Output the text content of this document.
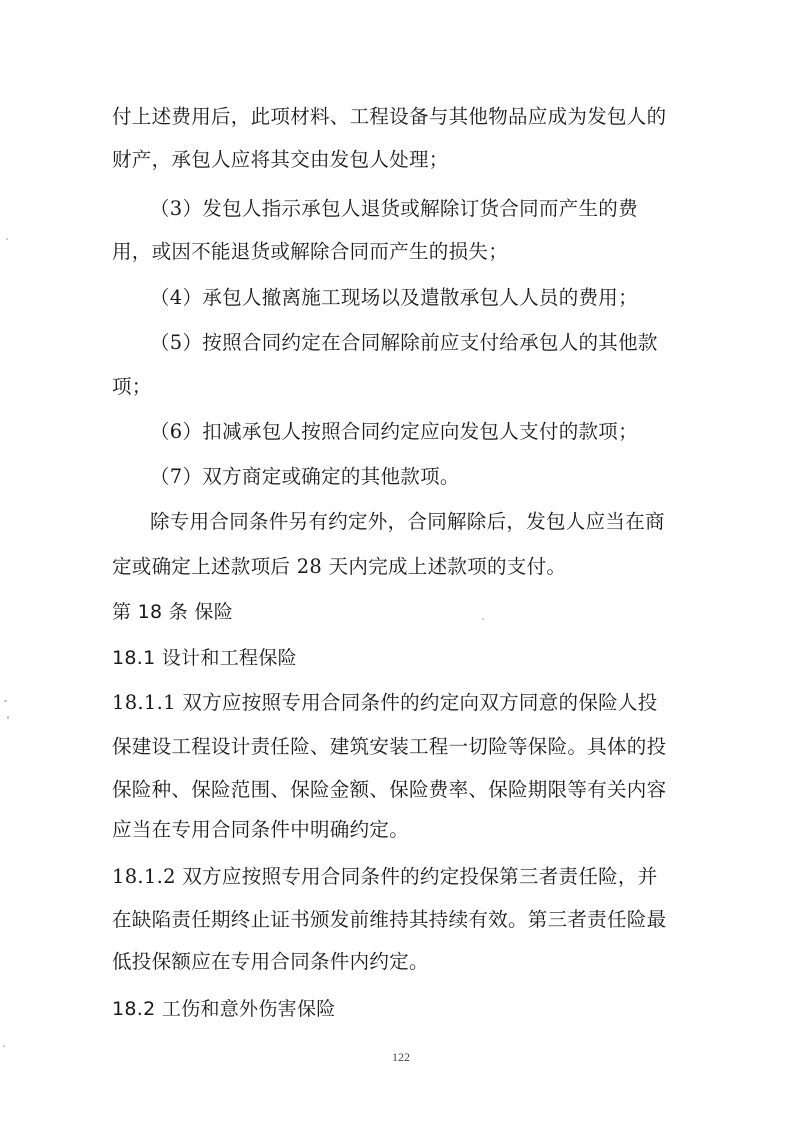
付上述费用后，此项材料、工程设备与其他物品应成为发包人的
财产，承包人应将其交由发包人处理；
（3）发包人指示承包人退货或解除订货合同而产生的费
用，或因不能退货或解除合同而产生的损失；
（4）承包人撤离施工现场以及遣散承包人人员的费用；
（5）按照合同约定在合同解除前应支付给承包人的其他款
项；
（6）扣减承包人按照合同约定应向发包人支付的款项；
（7）双方商定或确定的其他款项。
除专用合同条件另有约定外，合同解除后，发包人应当在商
定或确定上述款项后 28 天内完成上述款项的支付。
第 18 条 保险
18.1 设计和工程保险
18.1.1 双方应按照专用合同条件的约定向双方同意的保险人投
保建设工程设计责任险、建筑安装工程一切险等保险。具体的投
保险种、保险范围、保险金额、保险费率、保险期限等有关内容
应当在专用合同条件中明确约定。
18.1.2 双方应按照专用合同条件的约定投保第三者责任险，并
在缺陷责任期终止证书颁发前维持其持续有效。第三者责任险最
低投保额应在专用合同条件内约定。
18.2 工伤和意外伤害保险
122
